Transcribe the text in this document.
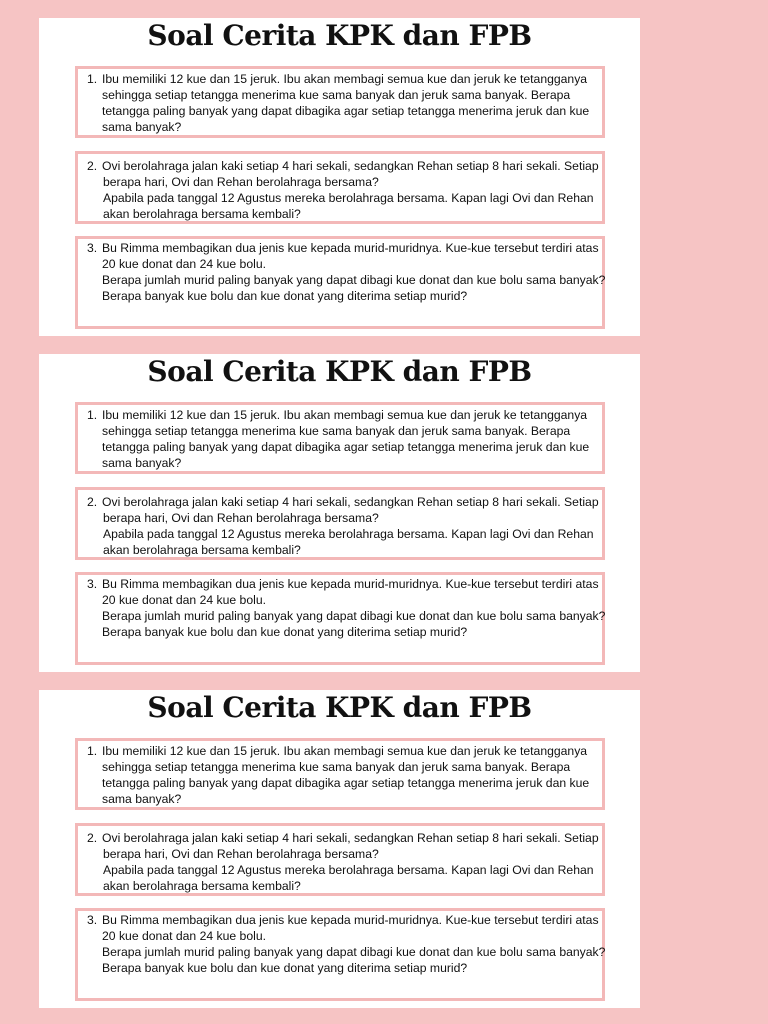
Soal Cerita KPK dan FPB
1. Ibu memiliki 12 kue dan 15 jeruk. Ibu akan membagi semua kue dan jeruk ke tetangganya
sehingga setiap tetangga menerima kue sama banyak dan jeruk sama banyak. Berapa
tetangga paling banyak yang dapat dibagika agar setiap tetangga menerima jeruk dan kue
sama banyak?
2. Ovi berolahraga jalan kaki setiap 4 hari sekali, sedangkan Rehan setiap 8 hari sekali. Setiap
berapa hari, Ovi dan Rehan berolahraga bersama?
Apabila pada tanggal 12 Agustus mereka berolahraga bersama. Kapan lagi Ovi dan Rehan
akan berolahraga bersama kembali?
3. Bu Rimma membagikan dua jenis kue kepada murid-muridnya. Kue-kue tersebut terdiri atas
20 kue donat dan 24 kue bolu.
Berapa jumlah murid paling banyak yang dapat dibagi kue donat dan kue bolu sama banyak?
Berapa banyak kue bolu dan kue donat yang diterima setiap murid?
Soal Cerita KPK dan FPB
1. Ibu memiliki 12 kue dan 15 jeruk. Ibu akan membagi semua kue dan jeruk ke tetangganya
sehingga setiap tetangga menerima kue sama banyak dan jeruk sama banyak. Berapa
tetangga paling banyak yang dapat dibagika agar setiap tetangga menerima jeruk dan kue
sama banyak?
2. Ovi berolahraga jalan kaki setiap 4 hari sekali, sedangkan Rehan setiap 8 hari sekali. Setiap
berapa hari, Ovi dan Rehan berolahraga bersama?
Apabila pada tanggal 12 Agustus mereka berolahraga bersama. Kapan lagi Ovi dan Rehan
akan berolahraga bersama kembali?
3. Bu Rimma membagikan dua jenis kue kepada murid-muridnya. Kue-kue tersebut terdiri atas
20 kue donat dan 24 kue bolu.
Berapa jumlah murid paling banyak yang dapat dibagi kue donat dan kue bolu sama banyak?
Berapa banyak kue bolu dan kue donat yang diterima setiap murid?
Soal Cerita KPK dan FPB
1. Ibu memiliki 12 kue dan 15 jeruk. Ibu akan membagi semua kue dan jeruk ke tetangganya
sehingga setiap tetangga menerima kue sama banyak dan jeruk sama banyak. Berapa
tetangga paling banyak yang dapat dibagika agar setiap tetangga menerima jeruk dan kue
sama banyak?
2. Ovi berolahraga jalan kaki setiap 4 hari sekali, sedangkan Rehan setiap 8 hari sekali. Setiap
berapa hari, Ovi dan Rehan berolahraga bersama?
Apabila pada tanggal 12 Agustus mereka berolahraga bersama. Kapan lagi Ovi dan Rehan
akan berolahraga bersama kembali?
3. Bu Rimma membagikan dua jenis kue kepada murid-muridnya. Kue-kue tersebut terdiri atas
20 kue donat dan 24 kue bolu.
Berapa jumlah murid paling banyak yang dapat dibagi kue donat dan kue bolu sama banyak?
Berapa banyak kue bolu dan kue donat yang diterima setiap murid?
